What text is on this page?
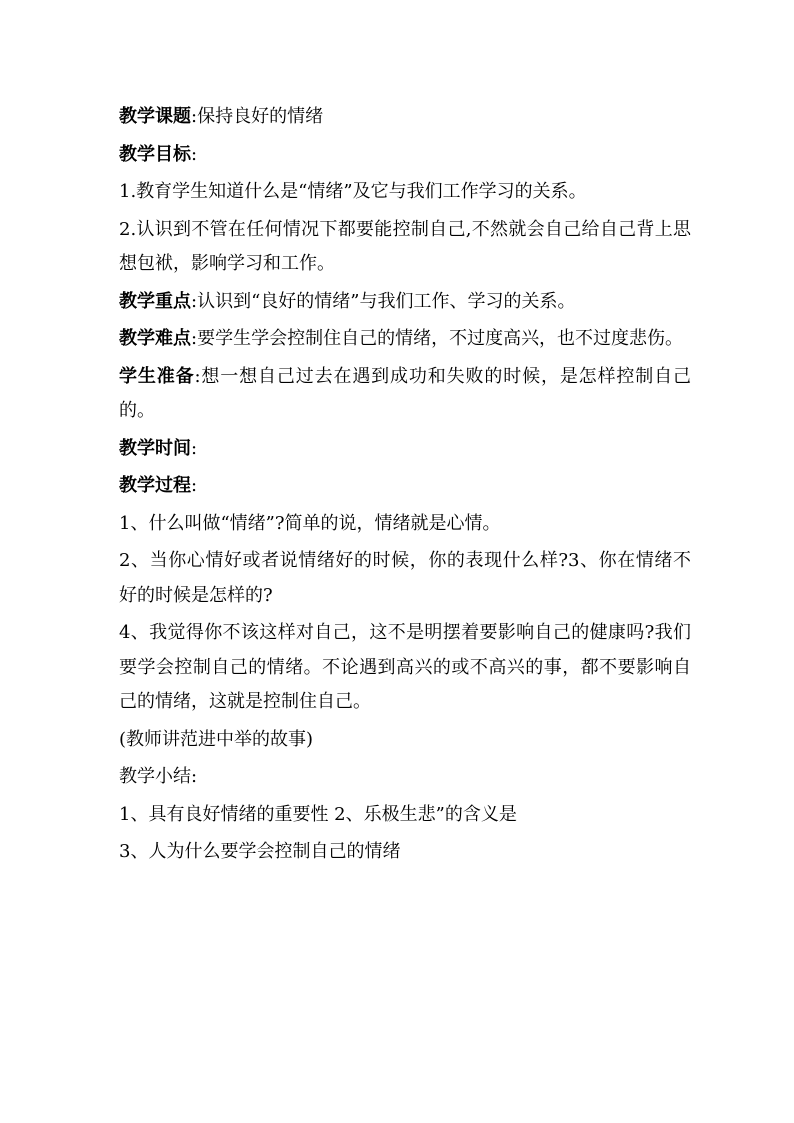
教学课题:保持良好的情绪
教学目标:
1.教育学生知道什么是“情绪”及它与我们工作学习的关系。
2.认识到不管在任何情况下都要能控制自己,不然就会自己给自己背上思想包袱，影响学习和工作。
教学重点:认识到“良好的情绪”与我们工作、学习的关系。
教学难点:要学生学会控制住自己的情绪，不过度高兴，也不过度悲伤。
学生准备:想一想自己过去在遇到成功和失败的时候，是怎样控制自己的。
教学时间:
教学过程:
1、什么叫做“情绪”?简单的说，情绪就是心情。
2、当你心情好或者说情绪好的时候，你的表现什么样?3、你在情绪不好的时候是怎样的?
4、我觉得你不该这样对自己，这不是明摆着要影响自己的健康吗?我们要学会控制自己的情绪。不论遇到高兴的或不高兴的事，都不要影响自己的情绪，这就是控制住自己。
(教师讲范进中举的故事)
教学小结:
1、具有良好情绪的重要性 2、乐极生悲”的含义是
3、人为什么要学会控制自己的情绪
